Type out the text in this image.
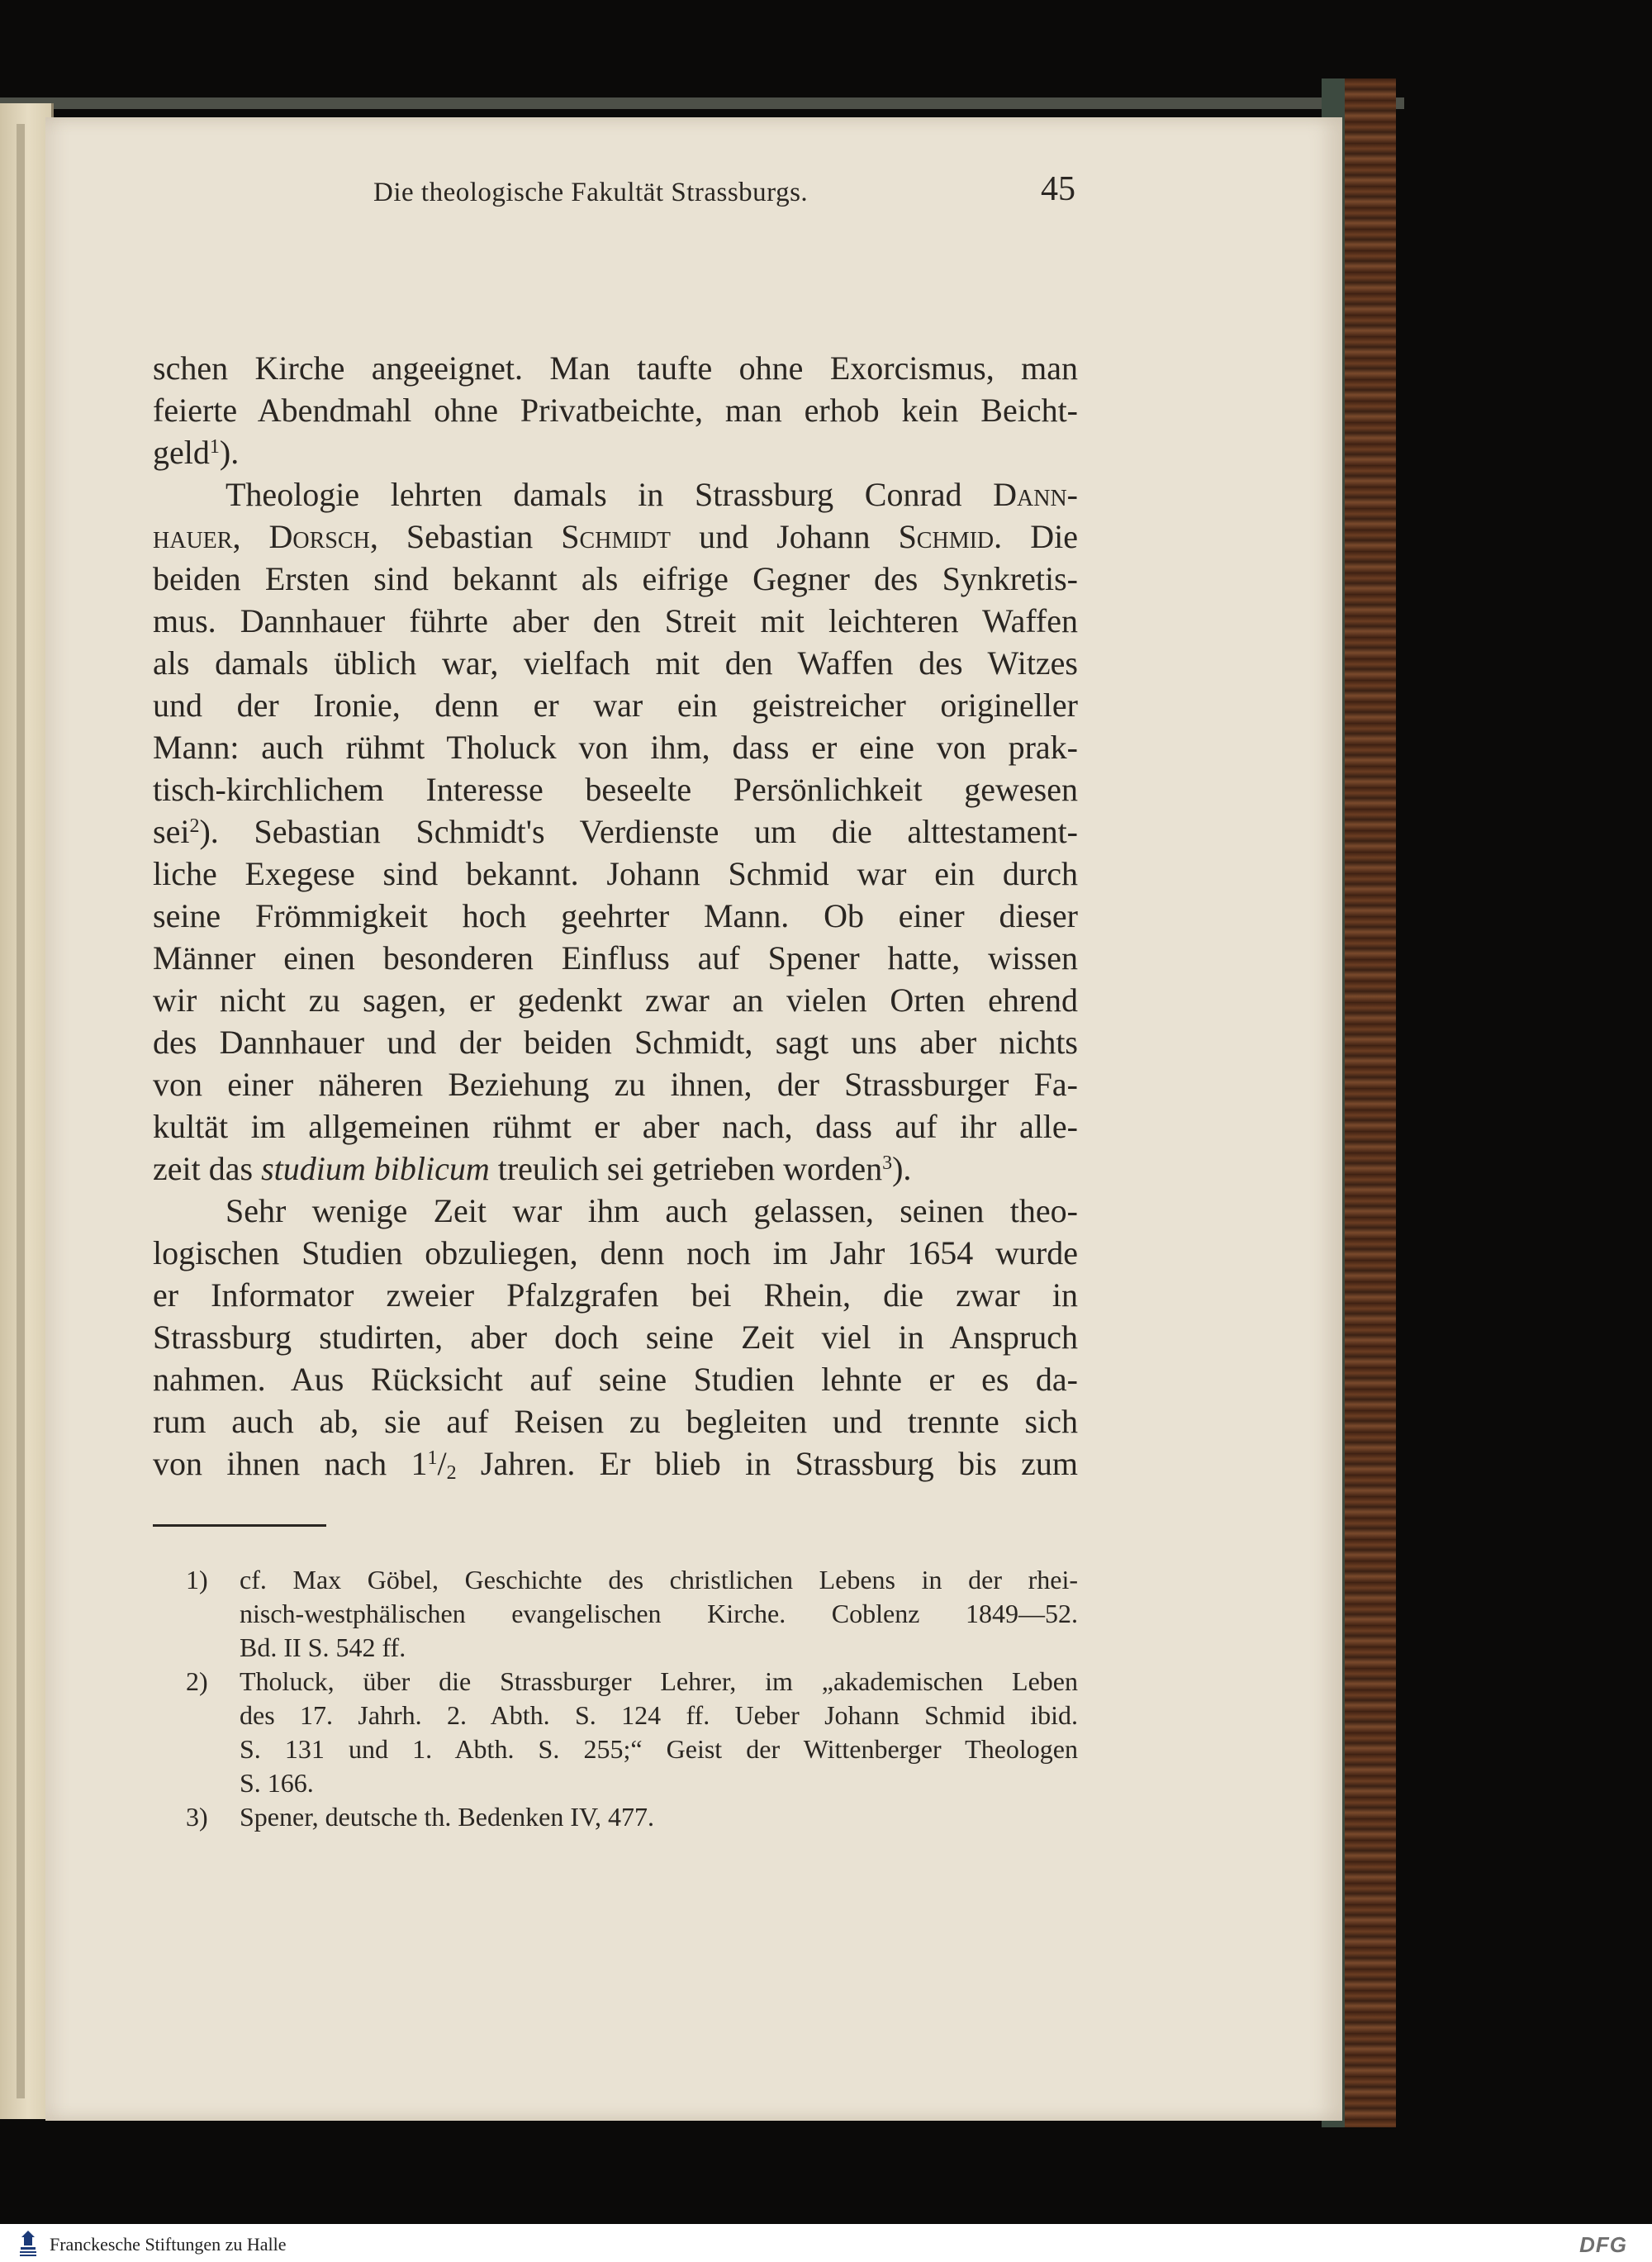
Die theologische Fakultät Strassburgs.	45
schen Kirche angeeignet. Man taufte ohne Exorcismus, man
feierte Abendmahl ohne Privatbeichte, man erhob kein Beicht-
geld$^1$).
Theologie lehrten damals in Strassburg Conrad Dann-
hauer, Dorsch, Sebastian Schmidt und Johann Schmid. Die
beiden Ersten sind bekannt als eifrige Gegner des Synkretis-
mus. Dannhauer führte aber den Streit mit leichteren Waffen
als damals üblich war, vielfach mit den Waffen des Witzes
und der Ironie, denn er war ein geistreicher origineller
Mann: auch rühmt Tholuck von ihm, dass er eine von prak-
tisch-kirchlichem Interesse beseelte Persönlichkeit gewesen
sei$^2$). Sebastian Schmidt's Verdienste um die alttestament-
liche Exegese sind bekannt. Johann Schmid war ein durch
seine Frömmigkeit hoch geehrter Mann. Ob einer dieser
Männer einen besonderen Einfluss auf Spener hatte, wissen
wir nicht zu sagen, er gedenkt zwar an vielen Orten ehrend
des Dannhauer und der beiden Schmidt, sagt uns aber nichts
von einer näheren Beziehung zu ihnen, der Strassburger Fa-
kultät im allgemeinen rühmt er aber nach, dass auf ihr alle-
zeit das studium biblicum treulich sei getrieben worden$^3$).
Sehr wenige Zeit war ihm auch gelassen, seinen theo-
logischen Studien obzuliegen, denn noch im Jahr 1654 wurde
er Informator zweier Pfalzgrafen bei Rhein, die zwar in
Strassburg studirten, aber doch seine Zeit viel in Anspruch
nahmen. Aus Rücksicht auf seine Studien lehnte er es da-
rum auch ab, sie auf Reisen zu begleiten und trennte sich
von ihnen nach $1^1/_2$ Jahren. Er blieb in Strassburg bis zum
1) cf. Max Göbel, Geschichte des christlichen Lebens in der rhei-
nisch-westphälischen evangelischen Kirche. Coblenz 1849—52.
Bd. II S. 542 ff.
2) Tholuck, über die Strassburger Lehrer, im „akademischen Leben
des 17. Jahrh. 2. Abth. S. 124 ff. Ueber Johann Schmid ibid.
S. 131 und 1. Abth. S. 255;“ Geist der Wittenberger Theologen
S. 166.
3) Spener, deutsche th. Bedenken IV, 477.
Franckesche Stiftungen zu Halle	DFG
